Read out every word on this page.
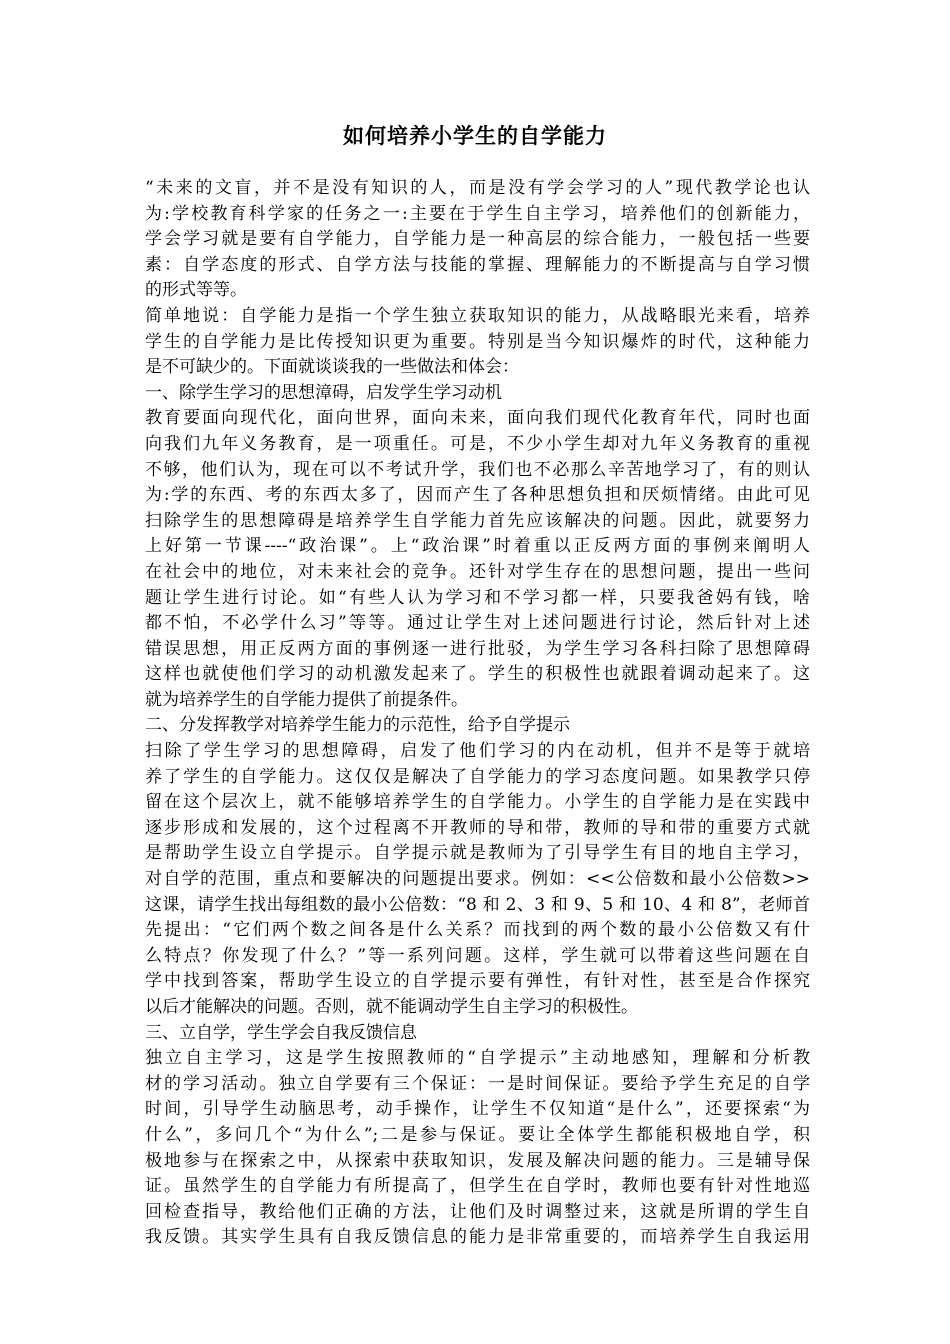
如何培养小学生的自学能力
“未来的文盲，并不是没有知识的人，而是没有学会学习的人”现代教学论也认
为:学校教育科学家的任务之一:主要在于学生自主学习，培养他们的创新能力，
学会学习就是要有自学能力，自学能力是一种高层的综合能力，一般包括一些要
素：自学态度的形式、自学方法与技能的掌握、理解能力的不断提高与自学习惯
的形式等等。
简单地说：自学能力是指一个学生独立获取知识的能力，从战略眼光来看，培养
学生的自学能力是比传授知识更为重要。特别是当今知识爆炸的时代，这种能力
是不可缺少的。下面就谈谈我的一些做法和体会：
一、除学生学习的思想漳碍，启发学生学习动机
教育要面向现代化，面向世界，面向未来，面向我们现代化教育年代，同时也面
向我们九年义务教育，是一项重任。可是，不少小学生却对九年义务教育的重视
不够，他们认为，现在可以不考试升学，我们也不必那么辛苦地学习了，有的则认
为:学的东西、考的东西太多了，因而产生了各种思想负担和厌烦情绪。由此可见
扫除学生的思想障碍是培养学生自学能力首先应该解决的问题。因此，就要努力
上好第一节课----“政治课”。上“政治课”时着重以正反两方面的事例来阐明人
在社会中的地位，对未来社会的竞争。还针对学生存在的思想问题，提出一些问
题让学生进行讨论。如“有些人认为学习和不学习都一样，只要我爸妈有钱，啥
都不怕，不必学什么习”等等。通过让学生对上述问题进行讨论，然后针对上述
错误思想，用正反两方面的事例逐一进行批驳，为学生学习各科扫除了思想障碍
这样也就使他们学习的动机激发起来了。学生的积极性也就跟着调动起来了。这
就为培养学生的自学能力提供了前提条件。
二、分发挥教学对培养学生能力的示范性，给予自学提示
扫除了学生学习的思想障碍，启发了他们学习的内在动机，但并不是等于就培
养了学生的自学能力。这仅仅是解决了自学能力的学习态度问题。如果教学只停
留在这个层次上，就不能够培养学生的自学能力。小学生的自学能力是在实践中
逐步形成和发展的，这个过程离不开教师的导和带，教师的导和带的重要方式就
是帮助学生设立自学提示。自学提示就是教师为了引导学生有目的地自主学习，
对自学的范围，重点和要解决的问题提出要求。例如：<<公倍数和最小公倍数>>
这课，请学生找出每组数的最小公倍数：“8 和 2、3 和 9、5 和 10、4 和 8”，老师首
先提出：“它们两个数之间各是什么关系？而找到的两个数的最小公倍数又有什
么特点？你发现了什么？”等一系列问题。这样，学生就可以带着这些问题在自
学中找到答案，帮助学生设立的自学提示要有弹性，有针对性，甚至是合作探究
以后才能解决的问题。否则，就不能调动学生自主学习的积极性。
三、立自学，学生学会自我反馈信息
独立自主学习，这是学生按照教师的“自学提示”主动地感知，理解和分析教
材的学习活动。独立自学要有三个保证：一是时间保证。要给予学生充足的自学
时间，引导学生动脑思考，动手操作，让学生不仅知道“是什么”，还要探索“为
什么”，多问几个“为什么”;二是参与保证。要让全体学生都能积极地自学，积
极地参与在探索之中，从探索中获取知识，发展及解决问题的能力。三是辅导保
证。虽然学生的自学能力有所提高了，但学生在自学时，教师也要有针对性地巡
回检查指导，教给他们正确的方法，让他们及时调整过来，这就是所谓的学生自
我反馈。其实学生具有自我反馈信息的能力是非常重要的，而培养学生自我运用
